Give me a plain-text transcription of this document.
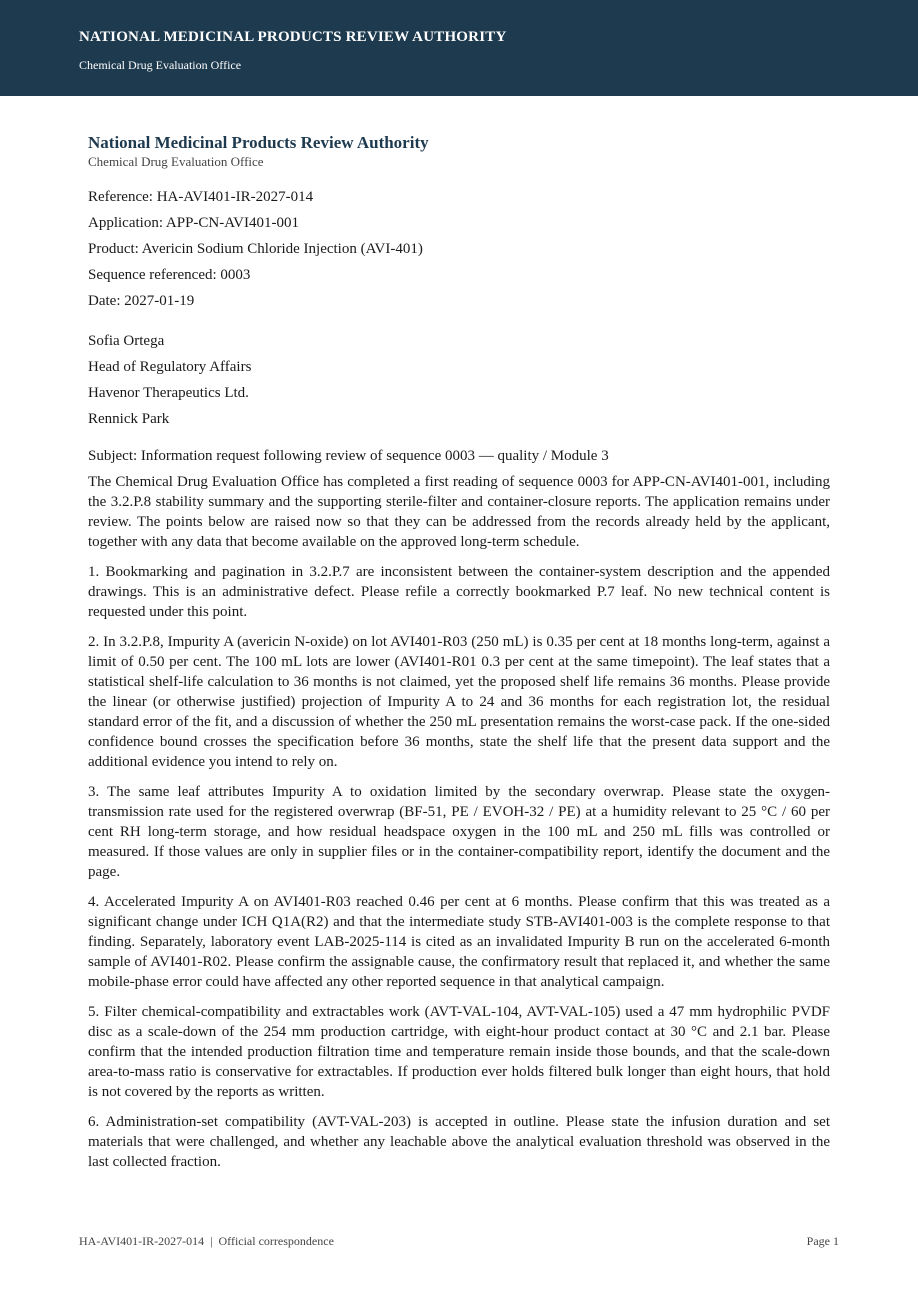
NATIONAL MEDICINAL PRODUCTS REVIEW AUTHORITY
Chemical Drug Evaluation Office
National Medicinal Products Review Authority
Chemical Drug Evaluation Office
Reference: HA-AVI401-IR-2027-014
Application: APP-CN-AVI401-001
Product: Avericin Sodium Chloride Injection (AVI-401)
Sequence referenced: 0003
Date: 2027-01-19
Sofia Ortega
Head of Regulatory Affairs
Havenor Therapeutics Ltd.
Rennick Park
Subject: Information request following review of sequence 0003 — quality / Module 3

The Chemical Drug Evaluation Office has completed a first reading of sequence 0003 for APP-CN-AVI401-001, including the 3.2.P.8 stability summary and the supporting sterile-filter and container-closure reports. The application remains under review. The points below are raised now so that they can be addressed from the records already held by the applicant, together with any data that become available on the approved long-term schedule.

1. Bookmarking and pagination in 3.2.P.7 are inconsistent between the container-system description and the appended drawings. This is an administrative defect. Please refile a correctly bookmarked P.7 leaf. No new technical content is requested under this point.

2. In 3.2.P.8, Impurity A (avericin N-oxide) on lot AVI401-R03 (250 mL) is 0.35 per cent at 18 months long-term, against a limit of 0.50 per cent. The 100 mL lots are lower (AVI401-R01 0.3 per cent at the same timepoint). The leaf states that a statistical shelf-life calculation to 36 months is not claimed, yet the proposed shelf life remains 36 months. Please provide the linear (or otherwise justified) projection of Impurity A to 24 and 36 months for each registration lot, the residual standard error of the fit, and a discussion of whether the 250 mL presentation remains the worst-case pack. If the one-sided confidence bound crosses the specification before 36 months, state the shelf life that the present data support and the additional evidence you intend to rely on.

3. The same leaf attributes Impurity A to oxidation limited by the secondary overwrap. Please state the oxygen-transmission rate used for the registered overwrap (BF-51, PE / EVOH-32 / PE) at a humidity relevant to 25 °C / 60 per cent RH long-term storage, and how residual headspace oxygen in the 100 mL and 250 mL fills was controlled or measured. If those values are only in supplier files or in the container-compatibility report, identify the document and the page.

4. Accelerated Impurity A on AVI401-R03 reached 0.46 per cent at 6 months. Please confirm that this was treated as a significant change under ICH Q1A(R2) and that the intermediate study STB-AVI401-003 is the complete response to that finding. Separately, laboratory event LAB-2025-114 is cited as an invalidated Impurity B run on the accelerated 6-month sample of AVI401-R02. Please confirm the assignable cause, the confirmatory result that replaced it, and whether the same mobile-phase error could have affected any other reported sequence in that analytical campaign.

5. Filter chemical-compatibility and extractables work (AVT-VAL-104, AVT-VAL-105) used a 47 mm hydrophilic PVDF disc as a scale-down of the 254 mm production cartridge, with eight-hour product contact at 30 °C and 2.1 bar. Please confirm that the intended production filtration time and temperature remain inside those bounds, and that the scale-down area-to-mass ratio is conservative for extractables. If production ever holds filtered bulk longer than eight hours, that hold is not covered by the reports as written.

6. Administration-set compatibility (AVT-VAL-203) is accepted in outline. Please state the infusion duration and set materials that were challenged, and whether any leachable above the analytical evaluation threshold was observed in the last collected fraction.

HA-AVI401-IR-2027-014  |  Official correspondence	Page 1
